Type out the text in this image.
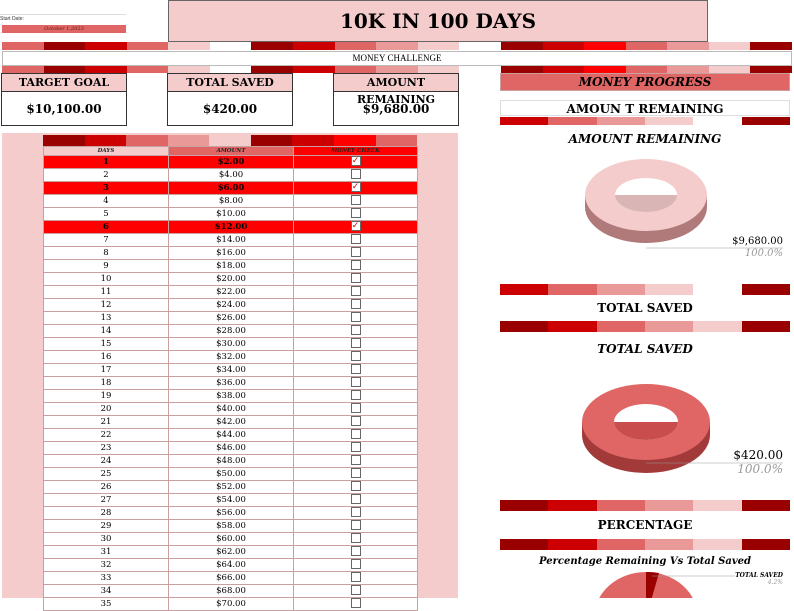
Start Date:
October 1,2023	10K IN 100 DAYS
MONEY CHALLENGE
TARGET GOAL
$10,100.00
TOTAL SAVED
$420.00
AMOUNT REMAINING
$9,680.00
DAYS	AMOUNT	MONEY CHECK
1	$2.00	✓
2	$4.00	
3	$6.00	✓
4	$8.00	
5	$10.00	
6	$12.00	✓
7	$14.00	
8	$16.00	
9	$18.00	
10	$20.00	
11	$22.00	
12	$24.00	
13	$26.00	
14	$28.00	
15	$30.00	
16	$32.00	
17	$34.00	
18	$36.00	
19	$38.00	
20	$40.00	
21	$42.00	
22	$44.00	
23	$46.00	
24	$48.00	
25	$50.00	
26	$52.00	
27	$54.00	
28	$56.00	
29	$58.00	
30	$60.00	
31	$62.00	
32	$64.00	
33	$66.00	
34	$68.00	
35	$70.00	
MONEY PROGRESS
AMOUN T REMAINING
AMOUNT REMAINING
$9,680.00
100.0%
TOTAL SAVED
TOTAL SAVED
$420.00
100.0%
PERCENTAGE
Percentage Remaining Vs Total Saved
TOTAL SAVED
4.2%
